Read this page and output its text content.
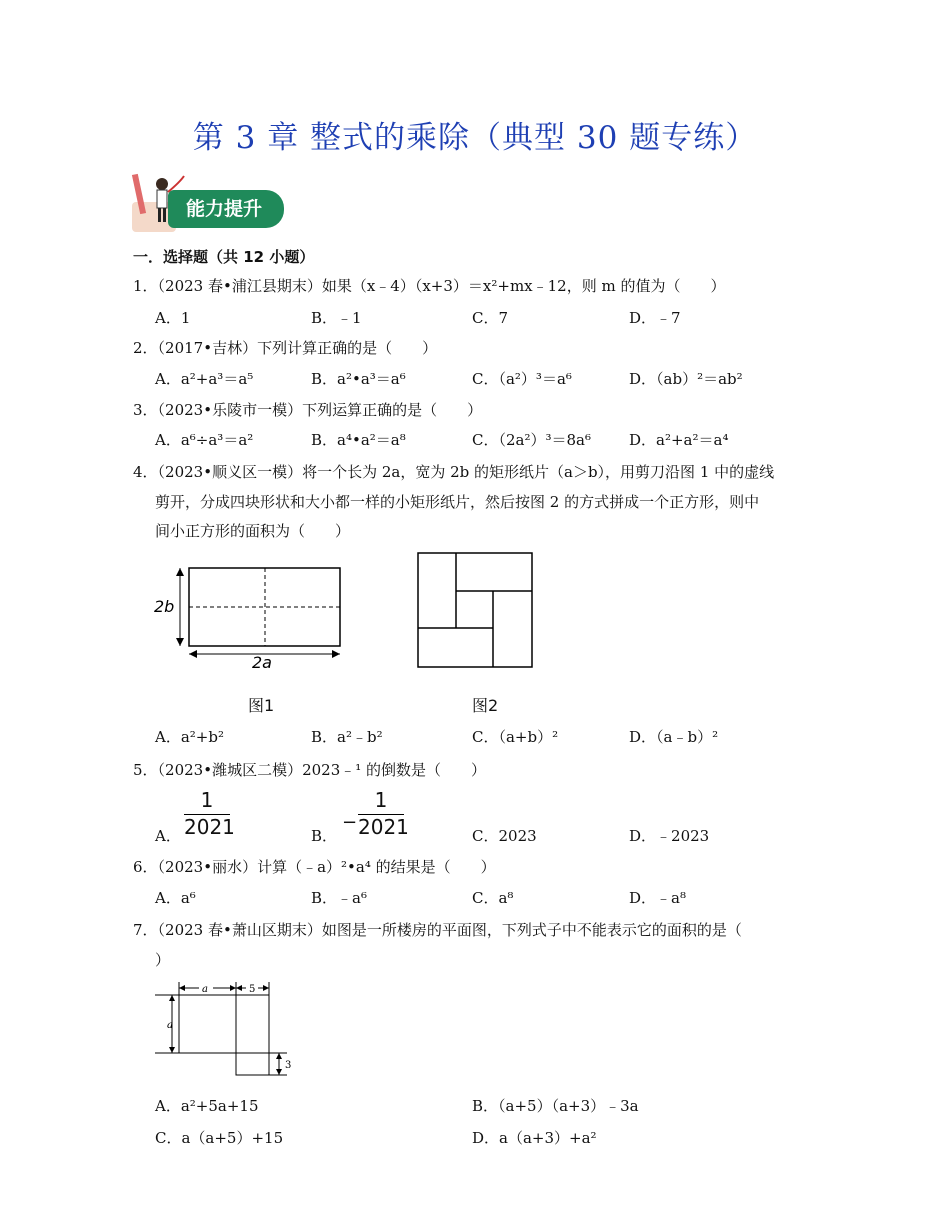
第 3 章 整式的乘除（典型 30 题专练）
能力提升
一．选择题（共 12 小题）
1．（2023 春•浦江县期末）如果（x﹣4）（x+3）＝x²+mx﹣12，则 m 的值为（　　）
A．1	B．﹣1	C．7	D．﹣7
2．（2017•吉林）下列计算正确的是（　　）
A．a²+a³＝a⁵	B．a²•a³＝a⁶	C．（a²）³＝a⁶	D．（ab）²＝ab²
3．（2023•乐陵市一模）下列运算正确的是（　　）
A．a⁶÷a³＝a²	B．a⁴•a²＝a⁸	C．（2a²）³＝8a⁶	D．a²+a²＝a⁴
4．（2023•顺义区一模）将一个长为 2a，宽为 2b 的矩形纸片（a＞b），用剪刀沿图 1 中的虚线
剪开，分成四块形状和大小都一样的小矩形纸片，然后按图 2 的方式拼成一个正方形，则中
间小正方形的面积为（　　）
2b
2a
图1	图2
A．a²+b²	B．a²﹣b²	C．（a+b）²	D．（a﹣b）²
5．（2023•潍城区二模）2023﹣¹ 的倒数是（　　）
A． $\frac{1}{2021}$	B．
− $\frac{1}{2021}$	C．2023	D．﹣2023
6．（2023•丽水）计算（﹣a）²•a⁴ 的结果是（　　）
A．a⁶	B．﹣a⁶	C．a⁸	D．﹣a⁸
7．（2023 春•萧山区期末）如图是一所楼房的平面图，下列式子中不能表示它的面积的是（
）
a	5
a
3
A．a²+5a+15	B．（a+5）（a+3）﹣3a
C．a（a+5）+15	D．a（a+3）+a²
